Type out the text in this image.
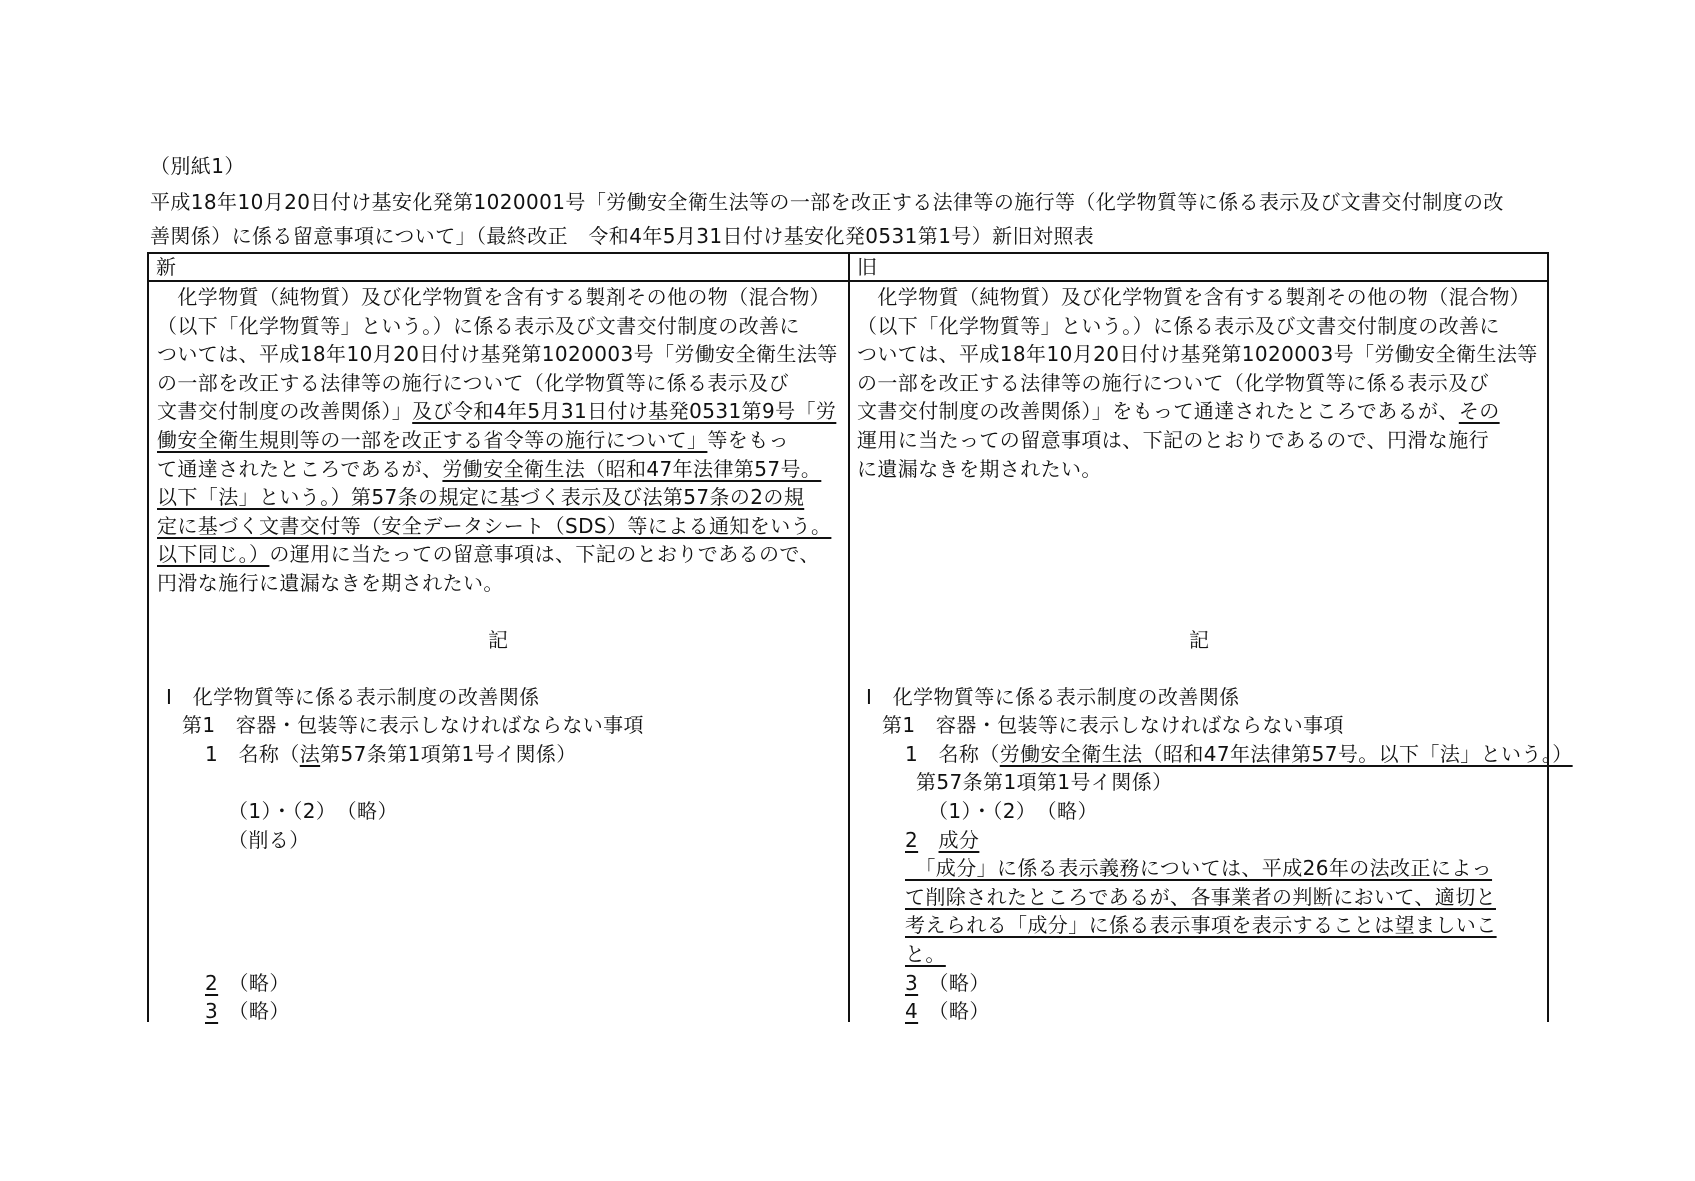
（別紙1）
平成18年10月20日付け基安化発第1020001号「労働安全衛生法等の一部を改正する法律等の施行等（化学物質等に係る表示及び文書交付制度の改
善関係）に係る留意事項について」（最終改正　令和4年5月31日付け基安化発0531第1号）新旧対照表
新	旧
　化学物質（純物質）及び化学物質を含有する製剤その他の物（混合物）
（以下「化学物質等」という。）に係る表示及び文書交付制度の改善に
ついては、平成18年10月20日付け基発第1020003号「労働安全衛生法等
の一部を改正する法律等の施行について（化学物質等に係る表示及び
文書交付制度の改善関係）」及び令和4年5月31日付け基発0531第9号「労
働安全衛生規則等の一部を改正する省令等の施行について」等をもっ
て通達されたところであるが、労働安全衛生法（昭和47年法律第57号。
以下「法」という。）第57条の規定に基づく表示及び法第57条の2の規
定に基づく文書交付等（安全データシート（SDS）等による通知をいう。
以下同じ。）の運用に当たっての留意事項は、下記のとおりであるので、
円滑な施行に遺漏なきを期されたい。
　化学物質（純物質）及び化学物質を含有する製剤その他の物（混合物）
（以下「化学物質等」という。）に係る表示及び文書交付制度の改善に
ついては、平成18年10月20日付け基発第1020003号「労働安全衛生法等
の一部を改正する法律等の施行について（化学物質等に係る表示及び
文書交付制度の改善関係）」をもって通達されたところであるが、その
運用に当たっての留意事項は、下記のとおりであるので、円滑な施行
に遺漏なきを期されたい。
記
Ⅰ　化学物質等に係る表示制度の改善関係
第1　容器・包装等に表示しなければならない事項
1　名称（法第57条第1項第1号イ関係）
（1）・（2）　（略）
（削る）
2　（略）
3　（略）
記
Ⅰ　化学物質等に係る表示制度の改善関係
第1　容器・包装等に表示しなければならない事項
1　名称（労働安全衛生法（昭和47年法律第57号。以下「法」という。）
第57条第1項第1号イ関係）
（1）・（2）　（略）
2　 成分
　「成分」に係る表示義務については、平成26年の法改正によっ
て削除されたところであるが、各事業者の判断において、適切と
考えられる「成分」に係る表示事項を表示することは望ましいこ
と。
3　（略）
4　（略）
